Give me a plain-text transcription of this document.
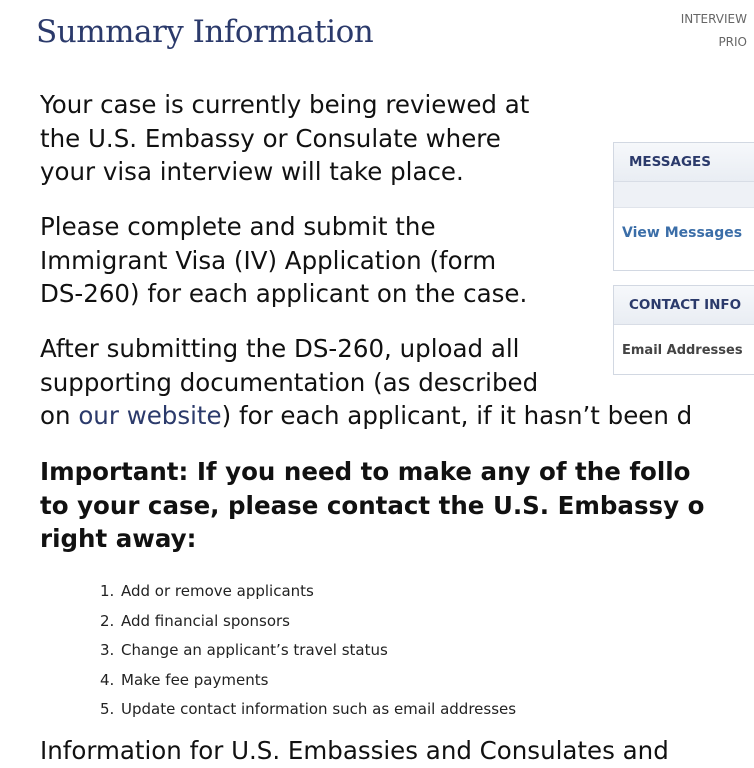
Summary Information	INTERVIEW
PRIO
Your case is currently being reviewed at
the U.S. Embassy or Consulate where
your visa interview will take place.
Please complete and submit the
Immigrant Visa (IV) Application (form
DS-260) for each applicant on the case.
After submitting the DS-260, upload all
supporting documentation (as described
on our website) for each applicant, if it hasn’t been d
Important: If you need to make any of the follo
to your case, please contact the U.S. Embassy o
right away:
1. Add or remove applicants
2. Add financial sponsors
3. Change an applicant’s travel status
4. Make fee payments
5. Update contact information such as email addresses
Information for U.S. Embassies and Consulates and
MESSAGES
View Messages
CONTACT INFO
Email Addresses
